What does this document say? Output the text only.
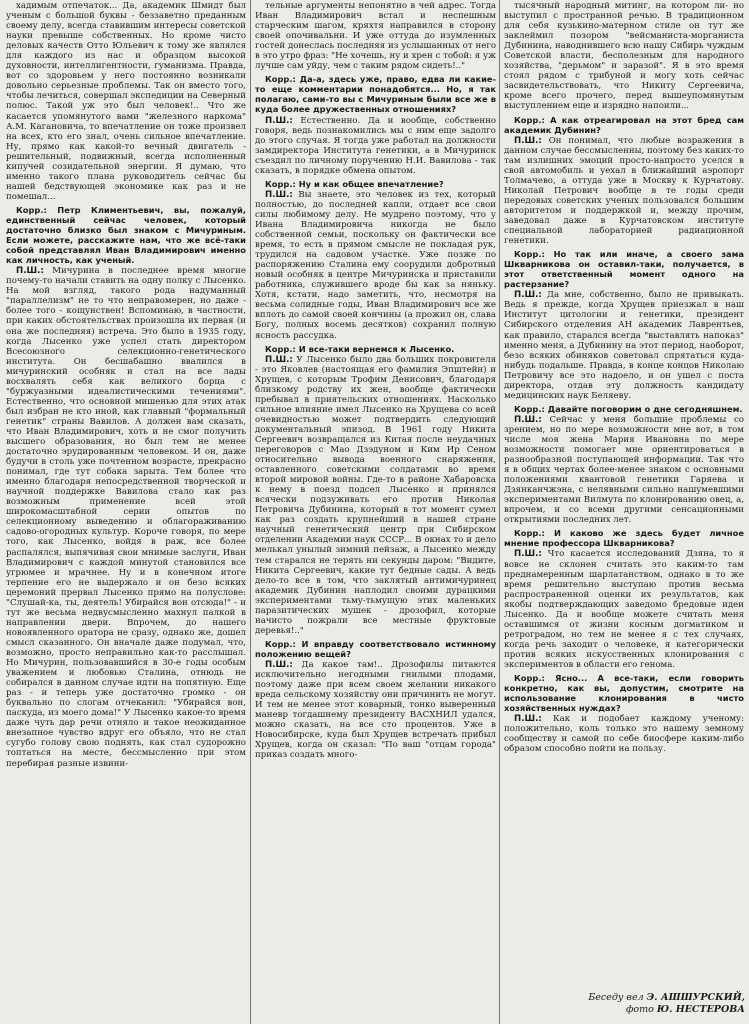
хадимым отпечаток... Да, академик Шмидт был ученым с большой буквы - беззаветно преданным своему делу, всегда ставившим интересы советской науки превыше собственных. Но кроме чисто деловых качеств Отто Юльевич к тому же являлся для каждого из нас и образцом высокой духовности, интеллигентности, гуманизма. Правда, вот со здоровьем у него постоянно возникали довольно серьезные проблемы. Так он вместо того, чтобы лечиться, совершал экспедиции на Северный полюс. Такой уж это был человек!.. Что же касается упомянутого вами "железного наркома" А.М. Кагановича, то впечатление он тоже произвел на всех, кто его знал, очень сильное впечатление. Ну, прямо как какой-то вечный двигатель - решительный, подвижный, всегда исполненный кипучей созидательной энергии. Я думаю, что именно такого плана руководитель сейчас бы нашей бедствующей экономике как раз и не помешал...

Корр.: Петр Климентьевич, вы, пожалуй, единственный сейчас человек, который достаточно близко был знаком с Мичуриным. Если можете, расскажите нам, что же всё-таки собой представлял Иван Владимирович именно как личность, как ученый.

П.Ш.: Мичурина в последнее время многие почему-то начали ставить на одну полку с Лысенко. На мой взгляд, такого рода надуманный "параллелизм" не то что неправомерен, но даже - более того - кощунствен! Вспоминаю, в частности, при каких обстоятельствах произошла их первая (и она же последняя) встреча. Это было в 1935 году, когда Лысенко уже успел стать директором Всесоюзного селекционно-генетического института. Он бесшабашно ввалился в мичуринский особняк и стал на все лады восхвалять себя как великого борца с "буржуазными идеалистическими течениями". Естественно, что основной мишенью для этих атак был избран не кто иной, как главный "формальный генетик" страны Вавилов. А должен вам сказать, что Иван Владимирович, хоть и не смог получить высшего образования, но был тем не менее достаточно эрудированным человеком. И он, даже будучи в столь уже почтенном возрасте, прекрасно понимал, где тут собака зарыта. Тем более что именно благодаря непосредственной творческой и научной поддержке Вавилова стало как раз возможным применение всей этой широкомасштабной серии опытов по селекционному выведению и облагораживанию садово-огородных культур. Короче говоря, по мере того, как Лысенко, войдя в раж, все более распалялся, выпячивая свои мнимые заслуги, Иван Владимирович с каждой минутой становился все угрюмее и мрачнее. Ну и в конечном итоге терпение его не выдержало и он безо всяких церемоний прервал Лысенко прямо на полуслове: "Слушай-ка, ты, деятель! Убирайся вон отсюда!" - и тут же весьма недвусмысленно махнул палкой в направлении двери. Впрочем, до нашего новоявленного оратора не сразу, однако же, дошел смысл сказанного. Он вначале даже подумал, что, возможно, просто неправильно как-то расслышал. Но Мичурин, пользовавшийся в 30-е годы особым уважением и любовью Сталина, отнюдь не собирался в данном случае идти на попятную. Еще раз - и теперь уже достаточно громко - он буквально по слогам отчеканил: "Убирайся вон, паскуда, из моего дома!" У Лысенко какое-то время даже чуть дар речи отняло и такое неожиданное внезапное чувство вдруг его объяло, что не стал сугубо голову свою поднять, как стал судорожно топтаться на месте, бессмысленно при этом перебирая разные извини-

тельные аргументы непонятно в чей адрес. Тогда Иван Владимирович встал и неспешным старческим шагом, кряхтя направился в сторону своей опочивальни. И уже оттуда до изумленных гостей донеслась последняя из услышанных от него в это утро фраз: "Не хочешь, ну и хрен с тобой: я уж лучше сам уйду, чем с таким рядом сидеть!.."

Корр.: Да-а, здесь уже, право, едва ли какие-то еще комментарии понадобятся... Но, я так полагаю, сами-то вы с Мичуриным были все же в куда более дружественных отношениях?

П.Ш.: Естественно. Да и вообще, собственно говоря, ведь познакомились мы с ним еще задолго до этого случая. Я тогда уже работал на должности замдиректора Института генетики, а в Мичуринск съездил по личному поручению Н.И. Вавилова - так сказать, в порядке обмена опытом.

Корр.: Ну и как общее впечатление?

П.Ш.: Вы знаете, это человек из тех, который полностью, до последней капли, отдает все свои силы любимому делу. Не мудрено поэтому, что у Ивана Владимировича никогда не было собственной семьи, поскольку он фактически все время, то есть в прямом смысле не покладая рук, трудился на садовом участке. Уже позже по распоряжению Сталина ему соорудили добротный новый особняк в центре Мичуринска и приставили работника, служившего вроде бы как за няньку. Хотя, кстати, надо заметить, что, несмотря на весьма солидные годы, Иван Владимирович все же вплоть до самой своей кончины (а прожил он, слава Богу, полных восемь десятков) сохранил полную ясность рассудка.

Корр.: И все-таки вернемся к Лысенко.

П.Ш.: У Лысенко было два больших покровителя - это Яковлев (настоящая его фамилия Эпштейн) и Хрущев, с которым Трофим Денисович, благодаря близкому родству их жен, вообще фактически пребывал в приятельских отношениях. Насколько сильное влияние имел Лысенко на Хрущева со всей очевидностью может подтвердить следующий документальный эпизод. В 1961 году Никита Сергеевич возвращался из Китая после неудачных переговоров с Мао Дзэдуном и Ким Ир Сеном относительно вывода военного снаряжения, оставленного советскими солдатами во время второй мировой войны. Где-то в районе Хабаровска к нему в поезд подсел Лысенко и принялся всячески подзуживать его против Николая Петровича Дубинина, который в тот момент сумел как раз создать крупнейший в нашей стране научный генетический центр при Сибирском отделении Академии наук СССР... В окнах то и дело мелькал унылый зимний пейзаж, а Лысенко между тем старался не терять ни секунды даром: "Видите, Никита Сергеевич, какие тут бедные сады. А ведь дело-то все в том, что заклятый антимичуринец академик Дубинин наплодил своими дурацкими экспериментами тьму-тьмущую этих маленьких паразитических мушек - дрозофил, которые начисто пожрали все местные фруктовые деревья!.."

Корр.: И вправду соответствовало истинному положению вещей?

П.Ш.: Да какое там!.. Дрозофилы питаются исключительно негодными гнилыми плодами, поэтому даже при всем своем желании никакого вреда сельскому хозяйству они причинить не могут. И тем не менее этот коварный, тонко выверенный маневр тогдашнему президенту ВАСХНИЛ удался, можно сказать, на все сто процентов. Уже в Новосибирске, куда был Хрущев встречать прибыл Хрущев, когда он сказал: "По ваш "отцам города" приказ создать много-

тысячный народный митинг, на котором ли- но выступил с пространной речью. В традиционном для себя кузькино-матерном стиле он тут же заклеймил позором "вейсманиста-морганиста Дубинина, наводнившего всю нашу Сибирь чуждым Советской власти, бесполезным для народного хозяйства, "дерьмом" и заразой". Я в это время стоял рядом с трибуной и могу хоть сейчас засвидетельствовать, что Никиту Сергеевича, кроме всего прочего, перед вышеупомянутым выступлением еще и изрядно напоили...

Корр.: А как отреагировал на этот бред сам академик Дубинин?

П.Ш.: Он понимал, что любые возражения в данном случае бессмысленны, поэтому без каких-то там излишних эмоций просто-напросто уселся в свой автомобиль и уехал в ближайший аэропорт Толмачево, а оттуда уже в Москву к Курчатову. Николай Петрович вообще в те годы среди передовых советских ученых пользовался большим авторитетом и поддержкой и, между прочим, заведовал даже в Курчатовском институте специальной лабораторией радиационной генетики.

Корр.: Но так или иначе, а своего зама Шкварникова он оставил-таки, получается, в этот ответственный момент одного на растерзание?

П.Ш.: Да мне, собственно, было не привыкать. Ведь я прежде, когда Хрущев приезжал в наш Институт цитологии и генетики, президент Сибирского отделения АН академик Лаврентьев, как правило, старался всегда "выставлять напоказ" именно меня, а Дубинину на этот период, наоборот, безо всяких обиняков советовал спрятаться куда-нибудь подальше. Правда, в конце концов Николаю Петровичу все это надоело, и он ушел с поста директора, отдав эту должность кандидату медицинских наук Беляеву.

Корр.: Давайте поговорим о дне сегодняшнем.

П.Ш.: Сейчас у меня большие проблемы со зрением, но по мере возможности мне вот, в том числе моя жена Мария Ивановна по мере возможности помогает мне ориентироваться в разнообразной поступающей информации. Так что я в общих чертах более-менее знаком с основными положениями квантовой генетики Гаряева и Дзянканчжэна, с нелявными сильно нашумевшими экспериментами Вилмута по клонированию овец, а, впрочем, и со всеми другими сенсационными открытиями последних лет.

Корр.: И каково же здесь будет личное мнение профессора Шкварникова?

П.Ш.: Что касается исследований Дзяна, то я вовсе не склонен считать это каким-то там преднамеренным шарлатанством, однако в то же время решительно выступаю против весьма распространенной оценки их результатов, как якобы подтверждающих заведомо бредовые идеи Лысенко. Да и вообще можете считать меня оставшимся от жизни косным догматиком и ретроградом, но тем не менее я с тех случаях, когда речь заходит о человеке, я категорически против всяких искусственных клонирования с экспериментов в области его генома.

Корр.: Ясно... А все-таки, если говорить конкретно, как вы, допустим, смотрите на использование клонирования в чисто хозяйственных нуждах?

П.Ш.: Как и подобает каждому ученому: положительно, коль только это нашему земному сообществу и самой по себе биосфере каким-либо образом способно пойти на пользу.

Беседу вел Э. АШШУРСКИЙ,
фото Ю. НЕСТЕРОВА
